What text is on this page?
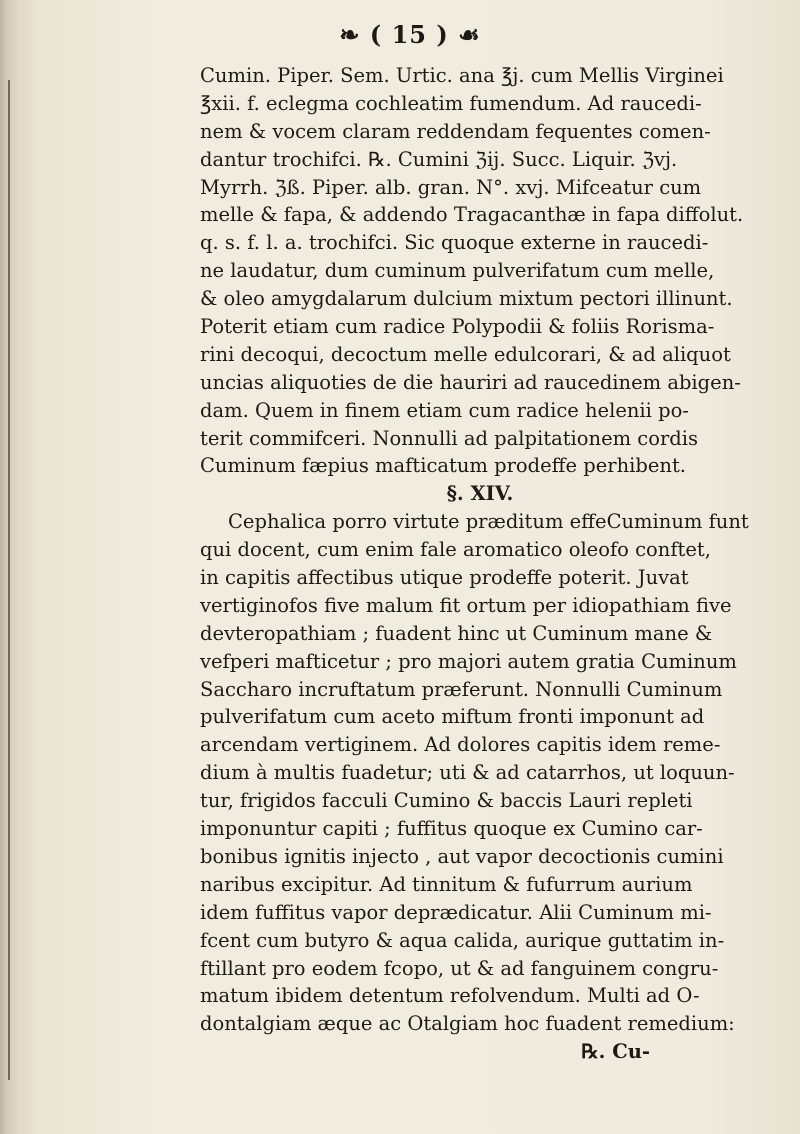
❧ ( 15 ) ☙
Cumin. Piper. Sem. Urtic. ana ℥j. cum Mellis Virginei
℥xii. f. eclegma cochleatim fumendum. Ad raucedi-
nem & vocem claram reddendam fequentes comen-
dantur trochifci. ℞. Cumini ℨij. Succ. Liquir. ℨvj.
Myrrh. ℨß. Piper. alb. gran. N°. xvj. Mifceatur cum
melle & fapa, & addendo Tragacanthæ in fapa diffolut.
q. s. f. l. a. trochifci. Sic quoque externe in raucedi-
ne laudatur, dum cuminum pulverifatum cum melle,
& oleo amygdalarum dulcium mixtum pectori illinunt.
Poterit etiam cum radice Polypodii & foliis Rorisma-
rini decoqui, decoctum melle edulcorari, & ad aliquot
uncias aliquoties de die hauriri ad raucedinem abigen-
dam. Quem in finem etiam cum radice helenii po-
terit commifceri. Nonnulli ad palpitationem cordis
Cuminum fæpius mafticatum prodeffe perhibent.
§. XIV.
Cephalica porro virtute præditum effeCuminum funt
qui docent, cum enim fale aromatico oleofo conftet,
in capitis affectibus utique prodeffe poterit. Juvat
vertiginofos five malum fit ortum per idiopathiam five
devteropathiam ; fuadent hinc ut Cuminum mane &
vefperi mafticetur ; pro majori autem gratia Cuminum
Saccharo incruftatum præferunt. Nonnulli Cuminum
pulverifatum cum aceto miftum fronti imponunt ad
arcendam vertiginem. Ad dolores capitis idem reme-
dium à multis fuadetur; uti & ad catarrhos, ut loquun-
tur, frigidos facculi Cumino & baccis Lauri repleti
imponuntur capiti ; fuffitus quoque ex Cumino car-
bonibus ignitis injecto , aut vapor decoctionis cumini
naribus excipitur. Ad tinnitum & fufurrum aurium
idem fuffitus vapor deprædicatur. Alii Cuminum mi-
fcent cum butyro & aqua calida, aurique guttatim in-
ftillant pro eodem fcopo, ut & ad fanguinem congru-
matum ibidem detentum refolvendum. Multi ad O-
dontalgiam æque ac Otalgiam hoc fuadent remedium:
℞. Cu-
